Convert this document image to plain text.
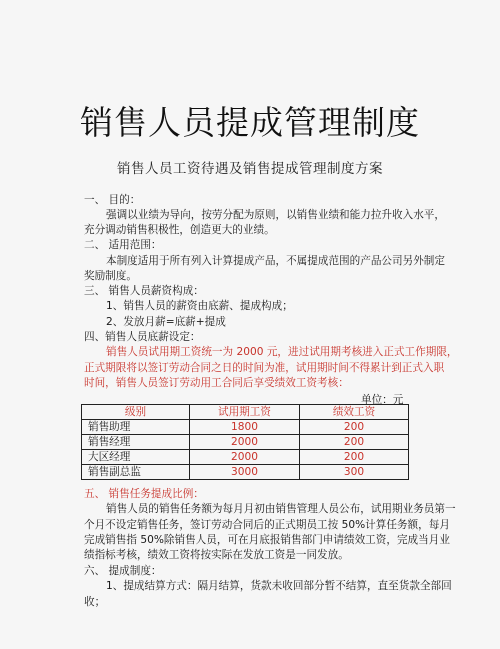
销售人员提成管理制度
销售人员工资待遇及销售提成管理制度方案
一、 目的：
强调以业绩为导向，按劳分配为原则，以销售业绩和能力拉升收入水平，
充分调动销售积极性，创造更大的业绩。
二、 适用范围：
本制度适用于所有列入计算提成产品，不属提成范围的产品公司另外制定
奖励制度。
三、 销售人员薪资构成：
1、销售人员的薪资由底薪、提成构成；
2、发放月薪=底薪+提成
四、销售人员底薪设定：
销售人员试用期工资统一为 2000 元，进过试用期考核进入正式工作期限，
正式期限将以签订劳动合同之日的时间为准，试用期时间不得累计到正式入职
时间，销售人员签订劳动用工合同后享受绩效工资考核：
单位：元
级别	试用期工资	绩效工资
销售助理	1800	200
销售经理	2000	200
大区经理	2000	200
销售副总监	3000	300
五、 销售任务提成比例：
销售人员的销售任务额为每月月初由销售管理人员公布，试用期业务员第一
个月不设定销售任务，签订劳动合同后的正式期员工按 50%计算任务额，每月
完成销售指 50%除销售人员，可在月底报销售部门申请绩效工资，完成当月业
绩指标考核，绩效工资将按实际在发放工资是一同发放。
六、 提成制度：
1、提成结算方式：隔月结算，货款未收回部分暂不结算，直至货款全部回
收；
